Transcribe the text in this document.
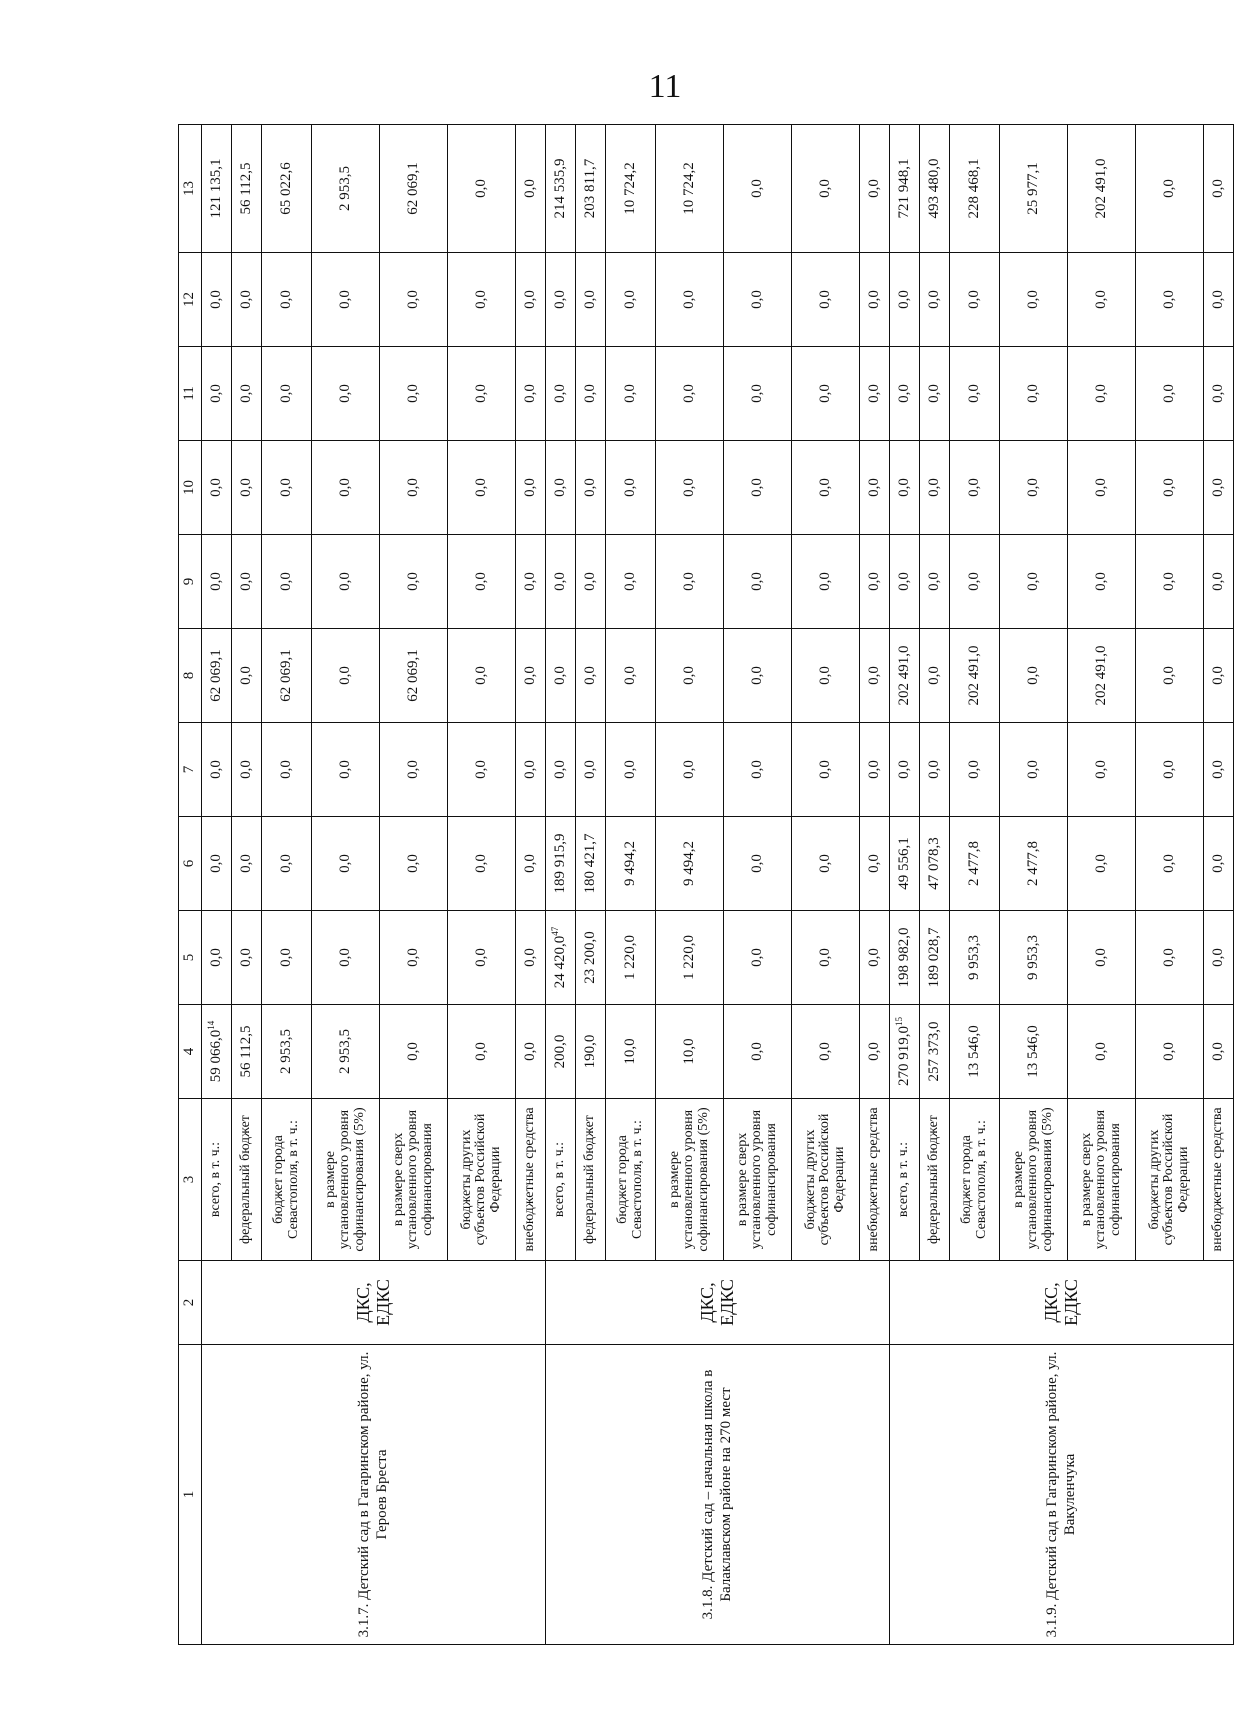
11
1	2	3	4	5	6	7	8	9	10	11	12	13
3.1.7. Детский сад в Гагаринском районе, ул. Героев Бреста	ДКС, ЕДКС	всего, в т. ч.:	59 066,0$^{14}$	0,0	0,0	0,0	62 069,1	0,0	0,0	0,0	0,0	121 135,1
		федеральный бюджет	56 112,5	0,0	0,0	0,0	0,0	0,0	0,0	0,0	0,0	56 112,5
		бюджет города Севастополя, в т. ч.:	2 953,5	0,0	0,0	0,0	62 069,1	0,0	0,0	0,0	0,0	65 022,6
		в размере установленного уровня софинансирования (5%)	2 953,5	0,0	0,0	0,0	0,0	0,0	0,0	0,0	0,0	2 953,5
		в размере сверх установленного уровня софинансирования	0,0	0,0	0,0	0,0	62 069,1	0,0	0,0	0,0	0,0	62 069,1
		бюджеты других субъектов Российской Федерации	0,0	0,0	0,0	0,0	0,0	0,0	0,0	0,0	0,0	0,0
		внебюджетные средства	0,0	0,0	0,0	0,0	0,0	0,0	0,0	0,0	0,0	0,0
3.1.8. Детский сад – начальная школа в Балаклавском районе на 270 мест	ДКС, ЕДКС	всего, в т. ч.:	200,0	24 420,0$^{47}$	189 915,9	0,0	0,0	0,0	0,0	0,0	0,0	214 535,9
		федеральный бюджет	190,0	23 200,0	180 421,7	0,0	0,0	0,0	0,0	0,0	0,0	203 811,7
		бюджет города Севастополя, в т. ч.:	10,0	1 220,0	9 494,2	0,0	0,0	0,0	0,0	0,0	0,0	10 724,2
		в размере установленного уровня софинансирования (5%)	10,0	1 220,0	9 494,2	0,0	0,0	0,0	0,0	0,0	0,0	10 724,2
		в размере сверх установленного уровня софинансирования	0,0	0,0	0,0	0,0	0,0	0,0	0,0	0,0	0,0	0,0
		бюджеты других субъектов Российской Федерации	0,0	0,0	0,0	0,0	0,0	0,0	0,0	0,0	0,0	0,0
		внебюджетные средства	0,0	0,0	0,0	0,0	0,0	0,0	0,0	0,0	0,0	0,0
3.1.9. Детский сад в Гагаринском районе, ул. Вакуленчука	ДКС, ЕДКС	всего, в т. ч.:	270 919,0$^{15}$	198 982,0	49 556,1	0,0	202 491,0	0,0	0,0	0,0	0,0	721 948,1
		федеральный бюджет	257 373,0	189 028,7	47 078,3	0,0	0,0	0,0	0,0	0,0	0,0	493 480,0
		бюджет города Севастополя, в т. ч.:	13 546,0	9 953,3	2 477,8	0,0	202 491,0	0,0	0,0	0,0	0,0	228 468,1
		в размере установленного уровня софинансирования (5%)	13 546,0	9 953,3	2 477,8	0,0	0,0	0,0	0,0	0,0	0,0	25 977,1
		в размере сверх установленного уровня софинансирования	0,0	0,0	0,0	0,0	202 491,0	0,0	0,0	0,0	0,0	202 491,0
		бюджеты других субъектов Российской Федерации	0,0	0,0	0,0	0,0	0,0	0,0	0,0	0,0	0,0	0,0
		внебюджетные средства	0,0	0,0	0,0	0,0	0,0	0,0	0,0	0,0	0,0	0,0
